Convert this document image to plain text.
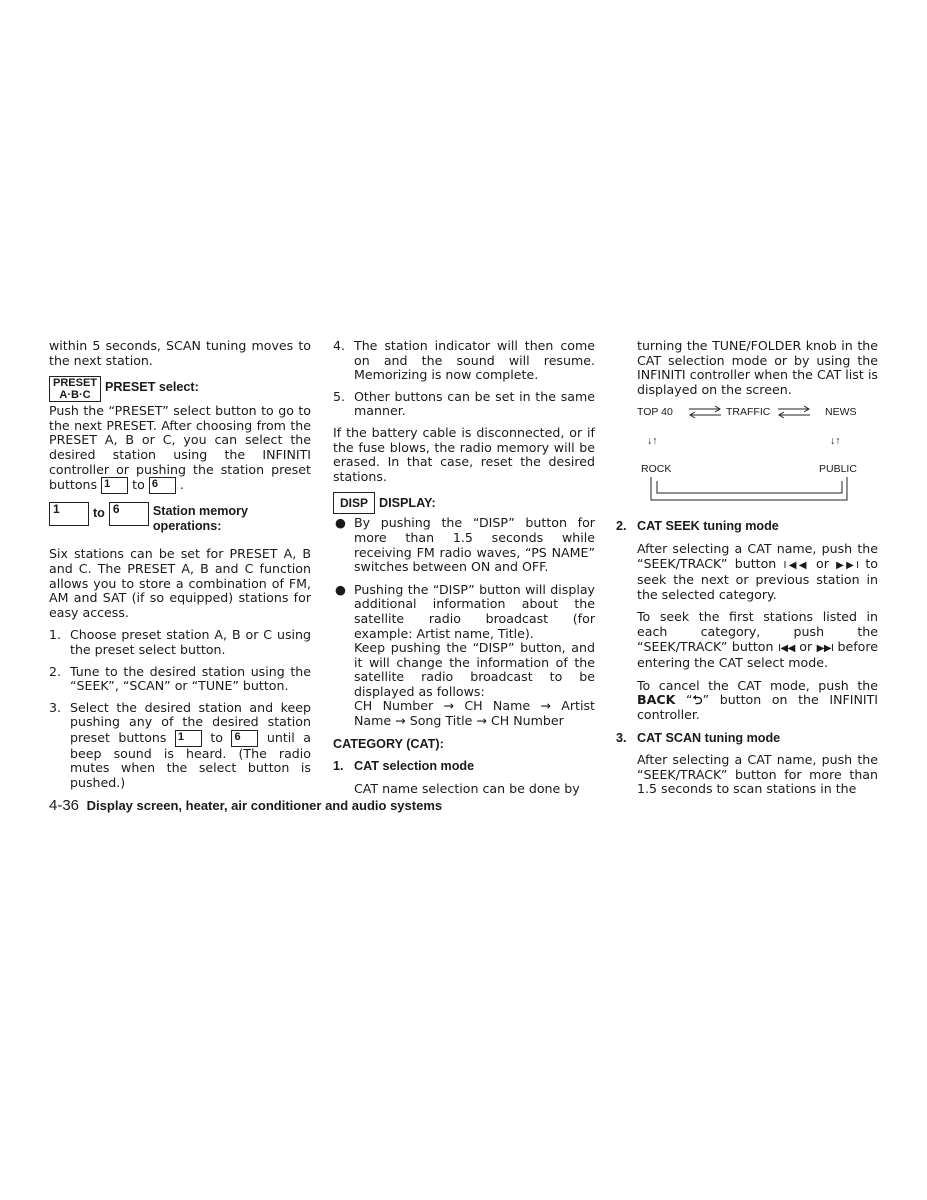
within 5 seconds, SCAN tuning moves to the next station.

PRESET
A·B·C
PRESET select:

Push the “PRESET” select button to go to the next PRESET. After choosing from the PRESET A, B or C, you can select the desired station using the INFINITI controller or pushing the station preset buttons 1 to 6 .

1	to 6	Station memory operations:

Six stations can be set for PRESET A, B and C. The PRESET A, B and C function allows you to store a combination of FM, AM and SAT (if so equipped) stations for easy access.

1. Choose preset station A, B or C using the preset select button.
2. Tune to the desired station using the “SEEK”, “SCAN” or “TUNE” button.
3. Select the desired station and keep pushing any of the desired station preset buttons 1 to 6 until a beep sound is heard. (The radio mutes when the select button is pushed.)
4. The station indicator will then come on and the sound will resume. Memorizing is now complete.
5. Other buttons can be set in the same manner.

If the battery cable is disconnected, or if the fuse blows, the radio memory will be erased. In that case, reset the desired stations.

DISP DISPLAY:
● By pushing the “DISP” button for more than 1.5 seconds while receiving FM radio waves, “PS NAME” switches between ON and OFF.
● Pushing the “DISP” button will display additional information about the satellite radio broadcast (for example: Artist name, Title).
Keep pushing the “DISP” button, and it will change the information of the satellite radio broadcast to be displayed as follows:
CH Number → CH Name → Artist Name → Song Title → CH Number
CATEGORY (CAT):
1. CAT selection mode

CAT name selection can be done by

turning the TUNE/FOLDER knob in the CAT selection mode or by using the INFINITI controller when the CAT list is displayed on the screen.

TOP 40	TRAFFIC	NEWS
↓↑	↓↑
ROCK	PUBLIC
2. CAT SEEK tuning mode

After selecting a CAT name, push the “SEEK/TRACK” button I◀◀ or ▶▶I to seek the next or previous station in the selected category.

To seek the first stations listed in each category, push the “SEEK/TRACK” button I◀◀ or ▶▶I before entering the CAT select mode.

To cancel the CAT mode, push the BACK “⮌” button on the INFINITI controller.

3. CAT SCAN tuning mode

After selecting a CAT name, push the “SEEK/TRACK” button for more than 1.5 seconds to scan stations in the

4-36 Display screen, heater, air conditioner and audio systems
